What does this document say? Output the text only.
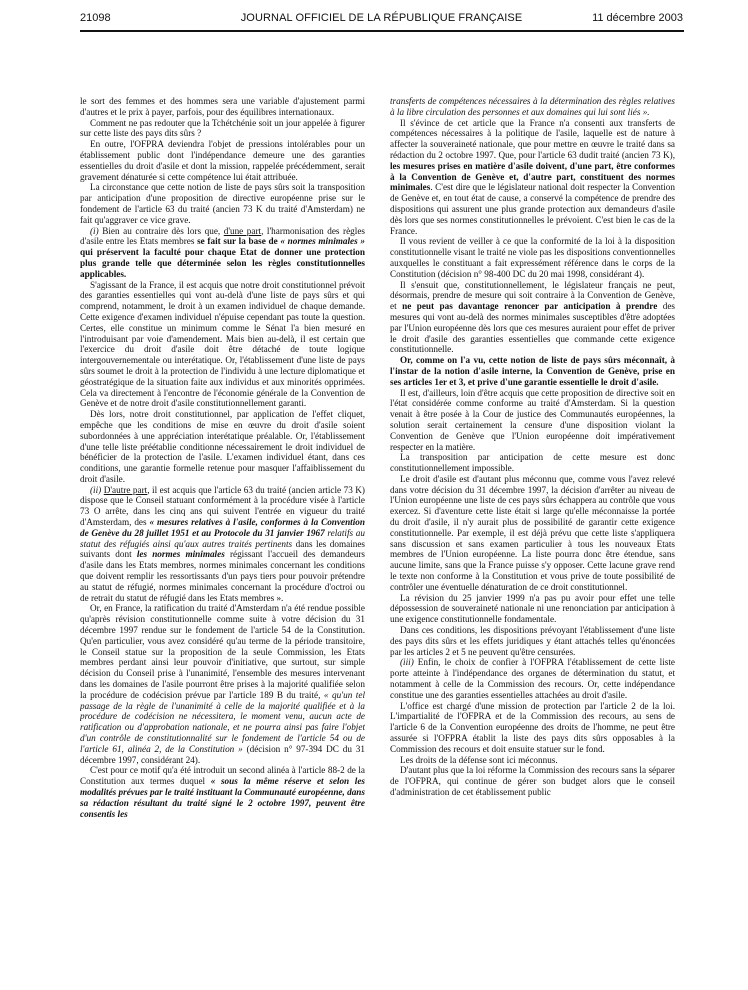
21098	JOURNAL OFFICIEL DE LA RÉPUBLIQUE FRANÇAISE	11 décembre 2003

le sort des femmes et des hommes sera une variable d'ajustement parmi d'autres et le prix à payer, parfois, pour des équilibres internationaux.

Comment ne pas redouter que la Tchétchénie soit un jour appelée à figurer sur cette liste des pays dits sûrs ?

En outre, l'OFPRA deviendra l'objet de pressions intolérables pour un établissement public dont l'indépendance demeure une des garanties essentielles du droit d'asile et dont la mission, rappelée précédemment, serait gravement dénaturée si cette compétence lui était attribuée.

La circonstance que cette notion de liste de pays sûrs soit la transposition par anticipation d'une proposition de directive européenne prise sur le fondement de l'article 63 du traité (ancien 73 K du traité d'Amsterdam) ne fait qu'aggraver ce vice grave.

(i) Bien au contraire dès lors que, d'une part, l'harmonisation des règles d'asile entre les Etats membres se fait sur la base de « normes minimales » qui préservent la faculté pour chaque Etat de donner une protection plus grande telle que déterminée selon les règles constitutionnelles applicables.

S'agissant de la France, il est acquis que notre droit constitutionnel prévoit des garanties essentielles qui vont au-delà d'une liste de pays sûrs et qui comprend, notamment, le droit à un examen individuel de chaque demande. Cette exigence d'examen individuel n'épuise cependant pas toute la question. Certes, elle constitue un minimum comme le Sénat l'a bien mesuré en l'introduisant par voie d'amendement. Mais bien au-delà, il est certain que l'exercice du droit d'asile doit être détaché de toute logique intergouvernementale ou interétatique. Or, l'établissement d'une liste de pays sûrs soumet le droit à la protection de l'individu à une lecture diplomatique et géostratégique de la situation faite aux individus et aux minorités opprimées. Cela va directement à l'encontre de l'économie générale de la Convention de Genève et de notre droit d'asile constitutionnellement garanti.

Dès lors, notre droit constitutionnel, par application de l'effet cliquet, empêche que les conditions de mise en œuvre du droit d'asile soient subordonnées à une appréciation interétatique préalable. Or, l'établissement d'une telle liste préétablie conditionne nécessairement le droit individuel de bénéficier de la protection de l'asile. L'examen individuel étant, dans ces conditions, une garantie formelle retenue pour masquer l'affaiblissement du droit d'asile.

(ii) D'autre part, il est acquis que l'article 63 du traité (ancien article 73 K) dispose que le Conseil statuant conformément à la procédure visée à l'article 73 O arrête, dans les cinq ans qui suivent l'entrée en vigueur du traité d'Amsterdam, des « mesures relatives à l'asile, conformes à la Convention de Genève du 28 juillet 1951 et au Protocole du 31 janvier 1967 relatifs au statut des réfugiés ainsi qu'aux autres traités pertinents dans les domaines suivants dont les normes minimales régissant l'accueil des demandeurs d'asile dans les Etats membres, normes minimales concernant les conditions que doivent remplir les ressortissants d'un pays tiers pour pouvoir prétendre au statut de réfugié, normes minimales concernant la procédure d'octroi ou de retrait du statut de réfugié dans les Etats membres ».

Or, en France, la ratification du traité d'Amsterdam n'a été rendue possible qu'après révision constitutionnelle comme suite à votre décision du 31 décembre 1997 rendue sur le fondement de l'article 54 de la Constitution. Qu'en particulier, vous avez considéré qu'au terme de la période transitoire, le Conseil statue sur la proposition de la seule Commission, les Etats membres perdant ainsi leur pouvoir d'initiative, que surtout, sur simple décision du Conseil prise à l'unanimité, l'ensemble des mesures intervenant dans les domaines de l'asile pourront être prises à la majorité qualifiée selon la procédure de codécision prévue par l'article 189 B du traité, « qu'un tel passage de la règle de l'unanimité à celle de la majorité qualifiée et à la procédure de codécision ne nécessitera, le moment venu, aucun acte de ratification ou d'approbation nationale, et ne pourra ainsi pas faire l'objet d'un contrôle de constitutionnalité sur le fondement de l'article 54 ou de l'article 61, alinéa 2, de la Constitution » (décision n° 97-394 DC du 31 décembre 1997, considérant 24).

C'est pour ce motif qu'a été introduit un second alinéa à l'article 88-2 de la Constitution aux termes duquel « sous la même réserve et selon les modalités prévues par le traité instituant la Communauté européenne, dans sa rédaction résultant du traité signé le 2 octobre 1997, peuvent être consentis les

transferts de compétences nécessaires à la détermination des règles relatives à la libre circulation des personnes et aux domaines qui lui sont liés ».

Il s'évince de cet article que la France n'a consenti aux transferts de compétences nécessaires à la politique de l'asile, laquelle est de nature à affecter la souveraineté nationale, que pour mettre en œuvre le traité dans sa rédaction du 2 octobre 1997. Que, pour l'article 63 dudit traité (ancien 73 K), les mesures prises en matière d'asile doivent, d'une part, être conformes à la Convention de Genève et, d'autre part, constituent des normes minimales. C'est dire que le législateur national doit respecter la Convention de Genève et, en tout état de cause, a conservé la compétence de prendre des dispositions qui assurent une plus grande protection aux demandeurs d'asile dès lors que ses normes constitutionnelles le prévoient. C'est bien le cas de la France.

Il vous revient de veiller à ce que la conformité de la loi à la disposition constitutionnelle visant le traité ne viole pas les dispositions conventionnelles auxquelles le constituant a fait expressément référence dans le corps de la Constitution (décision n° 98-400 DC du 20 mai 1998, considérant 4).

Il s'ensuit que, constitutionnellement, le législateur français ne peut, désormais, prendre de mesure qui soit contraire à la Convention de Genève, et ne peut pas davantage renoncer par anticipation à prendre des mesures qui vont au-delà des normes minimales susceptibles d'être adoptées par l'Union européenne dès lors que ces mesures auraient pour effet de priver le droit d'asile des garanties essentielles que commande cette exigence constitutionnelle.

Or, comme on l'a vu, cette notion de liste de pays sûrs méconnaît, à l'instar de la notion d'asile interne, la Convention de Genève, prise en ses articles 1er et 3, et prive d'une garantie essentielle le droit d'asile.

Il est, d'ailleurs, loin d'être acquis que cette proposition de directive soit en l'état considérée comme conforme au traité d'Amsterdam. Si la question venait à être posée à la Cour de justice des Communautés européennes, la solution serait certainement la censure d'une disposition violant la Convention de Genève que l'Union européenne doit impérativement respecter en la matière.

La transposition par anticipation de cette mesure est donc constitutionnellement impossible.

Le droit d'asile est d'autant plus méconnu que, comme vous l'avez relevé dans votre décision du 31 décembre 1997, la décision d'arrêter au niveau de l'Union européenne une liste de ces pays sûrs échappera au contrôle que vous exercez. Si d'aventure cette liste était si large qu'elle méconnaisse la portée du droit d'asile, il n'y aurait plus de possibilité de garantir cette exigence constitutionnelle. Par exemple, il est déjà prévu que cette liste s'appliquera sans discussion et sans examen particulier à tous les nouveaux Etats membres de l'Union européenne. La liste pourra donc être étendue, sans aucune limite, sans que la France puisse s'y opposer. Cette lacune grave rend le texte non conforme à la Constitution et vous prive de toute possibilité de contrôler une éventuelle dénaturation de ce droit constitutionnel.

La révision du 25 janvier 1999 n'a pas pu avoir pour effet une telle dépossession de souveraineté nationale ni une renonciation par anticipation à une exigence constitutionnelle fondamentale.

Dans ces conditions, les dispositions prévoyant l'établissement d'une liste des pays dits sûrs et les effets juridiques y étant attachés telles qu'énoncées par les articles 2 et 5 ne peuvent qu'être censurées.

(iii) Enfin, le choix de confier à l'OFPRA l'établissement de cette liste porte atteinte à l'indépendance des organes de détermination du statut, et notamment à celle de la Commission des recours. Or, cette indépendance constitue une des garanties essentielles attachées au droit d'asile.

L'office est chargé d'une mission de protection par l'article 2 de la loi. L'impartialité de l'OFPRA et de la Commission des recours, au sens de l'article 6 de la Convention européenne des droits de l'homme, ne peut être assurée si l'OFPRA établit la liste des pays dits sûrs opposables à la Commission des recours et doit ensuite statuer sur le fond.

Les droits de la défense sont ici méconnus.

D'autant plus que la loi réforme la Commission des recours sans la séparer de l'OFPRA, qui continue de gérer son budget alors que le conseil d'administration de cet établissement public
